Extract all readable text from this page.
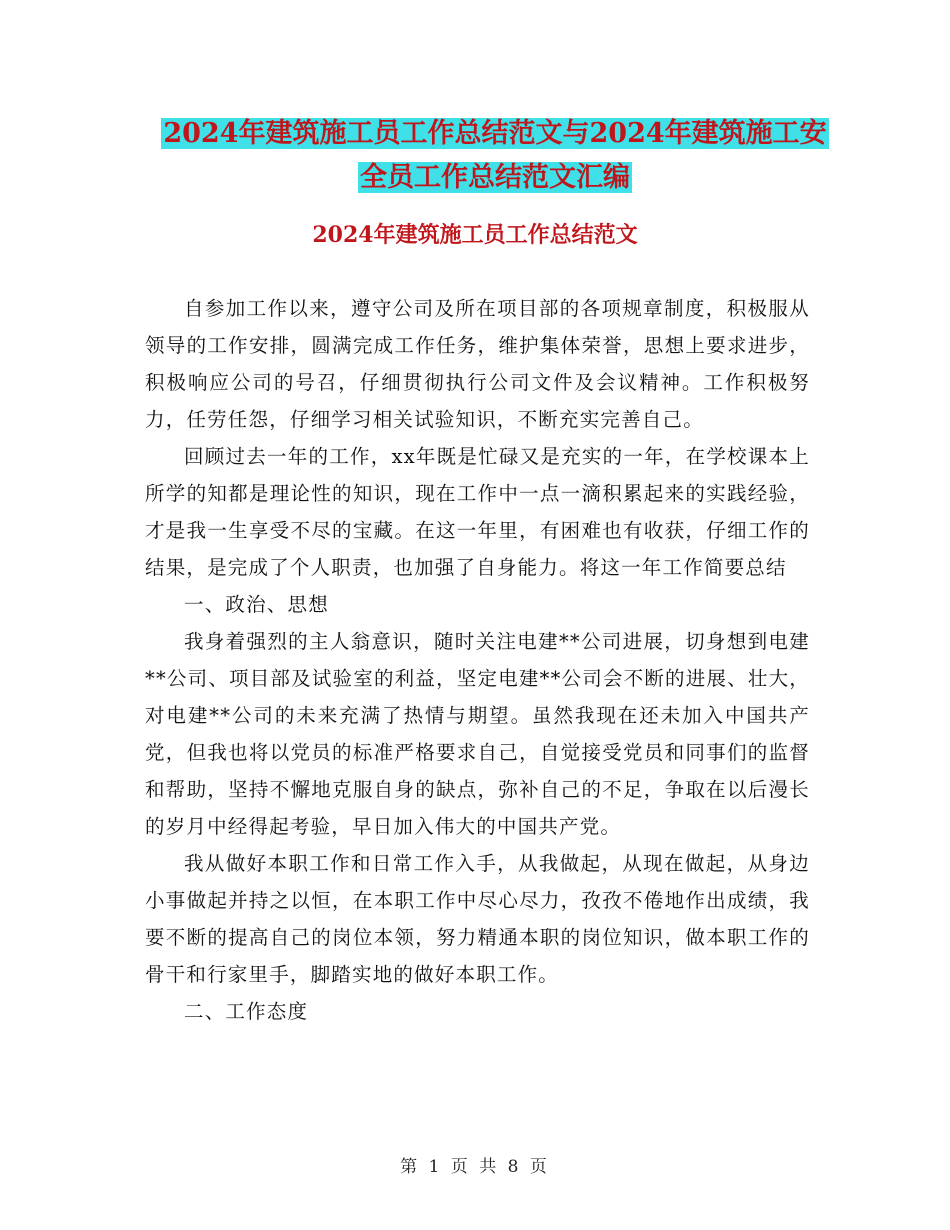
2024年建筑施工员工作总结范文与2024年建筑施工安
全员工作总结范文汇编
2024年建筑施工员工作总结范文

自参加工作以来，遵守公司及所在项目部的各项规章制度，积极服从领导的工作安排，圆满完成工作任务，维护集体荣誉，思想上要求进步，积极响应公司的号召，仔细贯彻执行公司文件及会议精神。工作积极努力，任劳任怨，仔细学习相关试验知识，不断充实完善自己。

回顾过去一年的工作，xx年既是忙碌又是充实的一年，在学校课本上所学的知都是理论性的知识，现在工作中一点一滴积累起来的实践经验，才是我一生享受不尽的宝藏。在这一年里，有困难也有收获，仔细工作的结果，是完成了个人职责，也加强了自身能力。将这一年工作简要总结

一、政治、思想

我身着强烈的主人翁意识，随时关注电建**公司进展，切身想到电建**公司、项目部及试验室的利益，坚定电建**公司会不断的进展、壮大，对电建**公司的未来充满了热情与期望。虽然我现在还未加入中国共产党，但我也将以党员的标准严格要求自己，自觉接受党员和同事们的监督和帮助，坚持不懈地克服自身的缺点，弥补自己的不足，争取在以后漫长的岁月中经得起考验，早日加入伟大的中国共产党。

我从做好本职工作和日常工作入手，从我做起，从现在做起，从身边小事做起并持之以恒，在本职工作中尽心尽力，孜孜不倦地作出成绩，我要不断的提高自己的岗位本领，努力精通本职的岗位知识，做本职工作的骨干和行家里手，脚踏实地的做好本职工作。

二、工作态度

第 1 页 共 8 页
